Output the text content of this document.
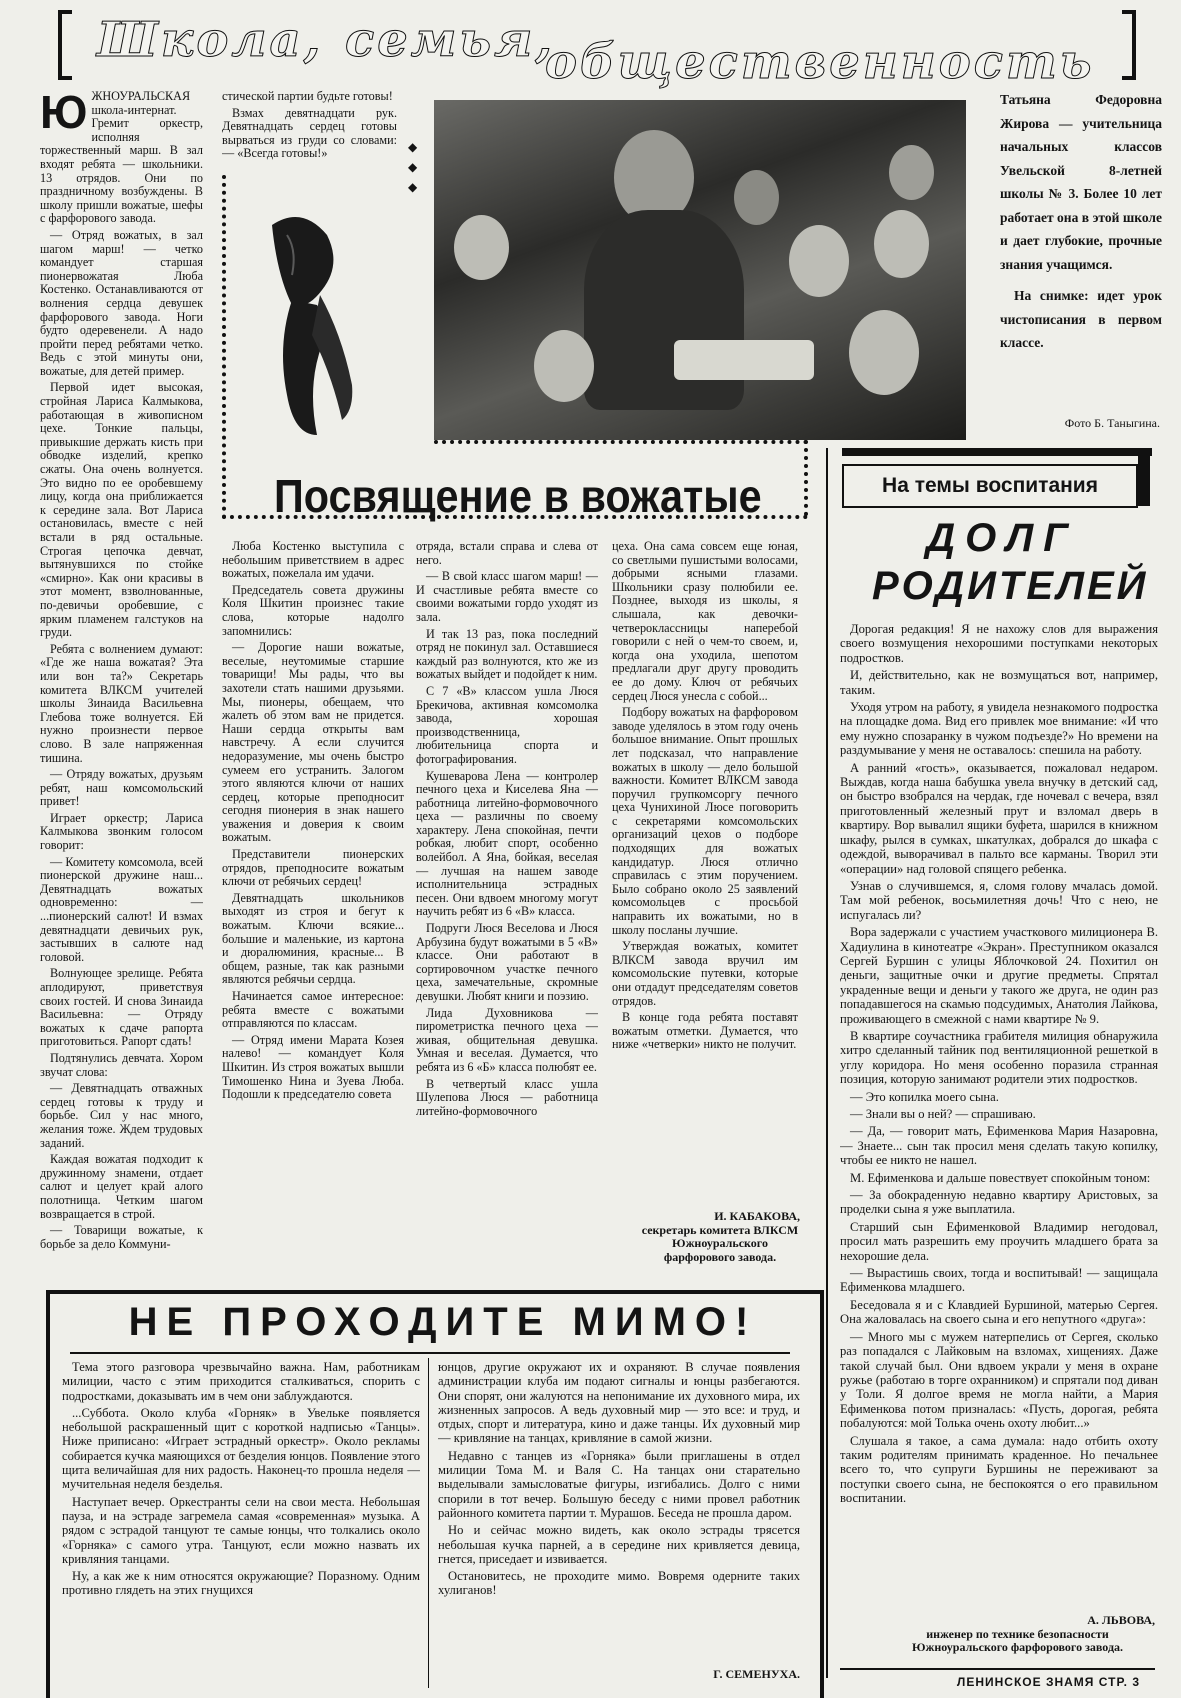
Школа, семья,
общественность

ЮЖНОУРАЛЬСКАЯ школа-интернат. Гремит оркестр, исполняя торжественный марш. В зал входят ребята — школьники. 13 отрядов. Они по праздничному возбуждены. В школу пришли вожатые, шефы с фарфорового завода.

— Отряд вожатых, в зал шагом марш! — четко командует старшая пионервожатая Люба Костенко. Останавливаются от волнения сердца девушек фарфорового завода. Ноги будто одеревенели. А надо пройти перед ребятами четко. Ведь с этой минуты они, вожатые, для детей пример.

Первой идет высокая, стройная Лариса Калмыкова, работающая в живописном цехе. Тонкие пальцы, привыкшие держать кисть при обводке изделий, крепко сжаты. Она очень волнуется. Это видно по ее оробевшему лицу, когда она приближается к середине зала. Вот Лариса остановилась, вместе с ней встали в ряд остальные. Строгая цепочка девчат, вытянувшихся по стойке «смирно». Как они красивы в этот момент, взволнованные, по-девичьи оробевшие, с ярким пламенем галстуков на груди.

Ребята с волнением думают: «Где же наша вожатая? Эта или вон та?» Секретарь комитета ВЛКСМ учителей школы Зинаида Васильевна Глебова тоже волнуется. Ей нужно произнести первое слово. В зале напряженная тишина.

— Отряду вожатых, друзьям ребят, наш комсомольский привет!

Играет оркестр; Лариса Калмыкова звонким голосом говорит:

— Комитету комсомола, всей пионерской дружине наш... Девятнадцать вожатых одновременно: — ...пионерский салют! И взмах девятнадцати девичьих рук, застывших в салюте над головой.

Волнующее зрелище. Ребята аплодируют, приветствуя своих гостей. И снова Зинаида Васильевна: — Отряду вожатых к сдаче рапорта приготовиться. Рапорт сдать!

Подтянулись девчата. Хором звучат слова:

— Девятнадцать отважных сердец готовы к труду и борьбе. Сил у нас много, желания тоже. Ждем трудовых заданий.

Каждая вожатая подходит к дружинному знамени, отдает салют и целует край алого полотнища. Четким шагом возвращается в строй.

— Товарищи вожатые, к борьбе за дело Коммуни-

стической партии будьте готовы!

Взмах девятнадцати рук. Девятнадцать сердец готовы вырваться из груди со словами: — «Всегда готовы!»	◆
◆
◆
Посвящение в вожатые
Татьяна Федоровна Жирова — учительница начальных классов Увельской 8-летней школы № 3. Более 10 лет работает она в этой школе и дает глубокие, прочные знания учащимся.
На снимке: идет урок чистописания в первом классе.
Фото Б. Таныгина.

Люба Костенко выступила с небольшим приветствием в адрес вожатых, пожелала им удачи.

Председатель совета дружины Коля Шкитин произнес такие слова, которые надолго запомнились:

— Дорогие наши вожатые, веселые, неутомимые старшие товарищи! Мы рады, что вы захотели стать нашими друзьями. Мы, пионеры, обещаем, что жалеть об этом вам не придется. Наши сердца открыты вам навстречу. А если случится недоразумение, мы очень быстро сумеем его устранить. Залогом этого являются ключи от наших сердец, которые преподносит сегодня пионерия в знак нашего уважения и доверия к своим вожатым.

Представители пионерских отрядов, преподносите вожатым ключи от ребячьих сердец!

Девятнадцать школьников выходят из строя и бегут к вожатым. Ключи всякие... большие и маленькие, из картона и дюралюминия, красные... В общем, разные, так как разными являются ребячьи сердца.

Начинается самое интересное: ребята вместе с вожатыми отправляются по классам.

— Отряд имени Марата Козея налево! — командует Коля Шкитин. Из строя вожатых вышли Тимошенко Нина и Зуева Люба. Подошли к председателю совета

отряда, встали справа и слева от него.

— В свой класс шагом марш! — И счастливые ребята вместе со своими вожатыми гордо уходят из зала.

И так 13 раз, пока последний отряд не покинул зал. Оставшиеся каждый раз волнуются, кто же из вожатых выйдет и подойдет к ним.

С 7 «В» классом ушла Люся Брекичова, активная комсомолка завода, хорошая производственница, любительница спорта и фотографирования.

Кушеварова Лена — контролер печного цеха и Киселева Яна — работница литейно-формовочного цеха — различны по своему характеру. Лена спокойная, печти робкая, любит спорт, особенно волейбол. А Яна, бойкая, веселая — лучшая на нашем заводе исполнительница эстрадных песен. Они вдвоем многому могут научить ребят из 6 «В» класса.

Подруги Люся Веселова и Люся Арбузина будут вожатыми в 5 «В» классе. Они работают в сортировочном участке печного цеха, замечательные, скромные девушки. Любят книги и поэзию.

Лида Духовникова — пирометристка печного цеха — живая, общительная девушка. Умная и веселая. Думается, что ребята из 6 «Б» класса полюбят ее.

В четвертый класс ушла Шулепова Люся — работница литейно-формовочного

цеха. Она сама совсем еще юная, со светлыми пушистыми волосами, добрыми ясными глазами. Школьники сразу полюбили ее. Позднее, выходя из школы, я слышала, как девочки-четвероклассницы наперебой говорили с ней о чем-то своем, и, когда она уходила, шепотом предлагали друг другу проводить ее до дому. Ключ от ребячьих сердец Люся унесла с собой...

Подбору вожатых на фарфоровом заводе уделялось в этом году очень большое внимание. Опыт прошлых лет подсказал, что направление вожатых в школу — дело большой важности. Комитет ВЛКСМ завода поручил групкомсоргу печного цеха Чунихиной Люсе поговорить с секретарями комсомольских организаций цехов о подборе подходящих для вожатых кандидатур. Люся отлично справилась с этим поручением. Было собрано около 25 заявлений комсомольцев с просьбой направить их вожатыми, но в школу посланы лучшие.

Утверждая вожатых, комитет ВЛКСМ завода вручил им комсомольские путевки, которые они отдадут председателям советов отрядов.

В конце года ребята поставят вожатым отметки. Думается, что ниже «четверки» никто не получит.

И. КАБАКОВА,
секретарь комитета ВЛКСМ Южноуральского фарфорового завода.
На темы воспитания
ДОЛГ
РОДИТЕЛЕЙ

Дорогая редакция! Я не нахожу слов для выражения своего возмущения нехорошими поступками некоторых подростков.

И, действительно, как не возмущаться вот, например, таким.

Уходя утром на работу, я увидела незнакомого подростка на площадке дома. Вид его привлек мое внимание: «И что ему нужно спозаранку в чужом подъезде?» Но времени на раздумывание у меня не оставалось: спешила на работу.

А ранний «гость», оказывается, пожаловал недаром. Выждав, когда наша бабушка увела внучку в детский сад, он быстро взобрался на чердак, где ночевал с вечера, взял приготовленный железный прут и взломал дверь в квартиру. Вор вывалил ящики буфета, шарился в книжном шкафу, рылся в сумках, шкатулках, добрался до шкафа с одеждой, выворачивал в пальто все карманы. Творил эти «операции» над головой спящего ребенка.

Узнав о случившемся, я, сломя голову мчалась домой. Там мой ребенок, восьмилетняя дочь! Что с нею, не испугалась ли?

Вора задержали с участием участкового милиционера В. Хадиулина в кинотеатре «Экран». Преступником оказался Сергей Буршин с улицы Яблочковой 24. Похитил он деньги, защитные очки и другие предметы. Спрятал украденные вещи и деньги у такого же друга, не один раз попадавшегося на скамью подсудимых, Анатолия Лайкова, проживающего в смежной с нами квартире № 9.

В квартире соучастника грабителя милиция обнаружила хитро сделанный тайник под вентиляционной решеткой в углу коридора. Но меня особенно поразила странная позиция, которую занимают родители этих подростков.

— Это копилка моего сына.

— Знали вы о ней? — спрашиваю.

— Да, — говорит мать, Ефименкова Мария Назаровна, — Знаете... сын так просил меня сделать такую копилку, чтобы ее никто не нашел.

М. Ефименкова и дальше повествует спокойным тоном:

— За обокраденную недавно квартиру Аристовых, за проделки сына я уже выплатила.

Старший сын Ефименковой Владимир негодовал, просил мать разрешить ему проучить младшего брата за нехорошие дела.

— Вырастишь своих, тогда и воспитывай! — защищала Ефименкова младшего.

Беседовала я и с Клавдией Буршиной, матерью Сергея. Она жаловалась на своего сына и его непутного «друга»:

— Много мы с мужем натерпелись от Сергея, сколько раз попадался с Лайковым на взломах, хищениях. Даже такой случай был. Они вдвоем украли у меня в охране ружье (работаю в торге охранником) и спрятали под диван у Толи. Я долгое время не могла найти, а Мария Ефименкова потом призналась: «Пусть, дорогая, ребята побалуются: мой Толька очень охоту любит...»

Слушала я такое, а сама думала: надо отбить охоту таким родителям принимать краденное. Но печальнее всего то, что супруги Буршины не переживают за поступки своего сына, не беспокоятся о его правильном воспитании.

А. ЛЬВОВА,
инженер по технике безопасности Южноуральского фарфорового завода.
ЛЕНИНСКОЕ ЗНАМЯ СТР. 3
НЕ ПРОХОДИТЕ МИМО!

Тема этого разговора чрезвычайно важна. Нам, работникам милиции, часто с этим приходится сталкиваться, спорить с подростками, доказывать им в чем они заблуждаются.

...Суббота. Около клуба «Горняк» в Увельке появляется небольшой раскрашенный щит с короткой надписью «Танцы». Ниже приписано: «Играет эстрадный оркестр». Около рекламы собирается кучка маяющихся от безделия юнцов. Появление этого щита величайшая для них радость. Наконец-то прошла неделя — мучительная неделя безделья.

Наступает вечер. Оркестранты сели на свои места. Небольшая пауза, и на эстраде загремела самая «современная» музыка. А рядом с эстрадой танцуют те самые юнцы, что толкались около «Горняка» с самого утра. Танцуют, если можно назвать их кривляния танцами.

Ну, а как же к ним относятся окружающие? Поразному. Одним противно глядеть на этих гнущихся

юнцов, другие окружают их и охраняют. В случае появления администрации клуба им подают сигналы и юнцы разбегаются. Они спорят, они жалуются на непонимание их духовного мира, их жизненных запросов. А ведь духовный мир — это все: и труд, и отдых, спорт и литература, кино и даже танцы. Их духовный мир — кривляние на танцах, кривляние в самой жизни.

Недавно с танцев из «Горняка» были приглашены в отдел милиции Тома М. и Валя С. На танцах они старательно выделывали замысловатые фигуры, изгибались. Долго с ними спорили в тот вечер. Большую беседу с ними провел работник районного комитета партии т. Мурашов. Беседа не прошла даром.

Но и сейчас можно видеть, как около эстрады трясется небольшая кучка парней, а в середине них кривляется девица, гнется, приседает и извивается.

Остановитесь, не проходите мимо. Вовремя одерните таких хулиганов!

Г. СЕМЕНУХА.
